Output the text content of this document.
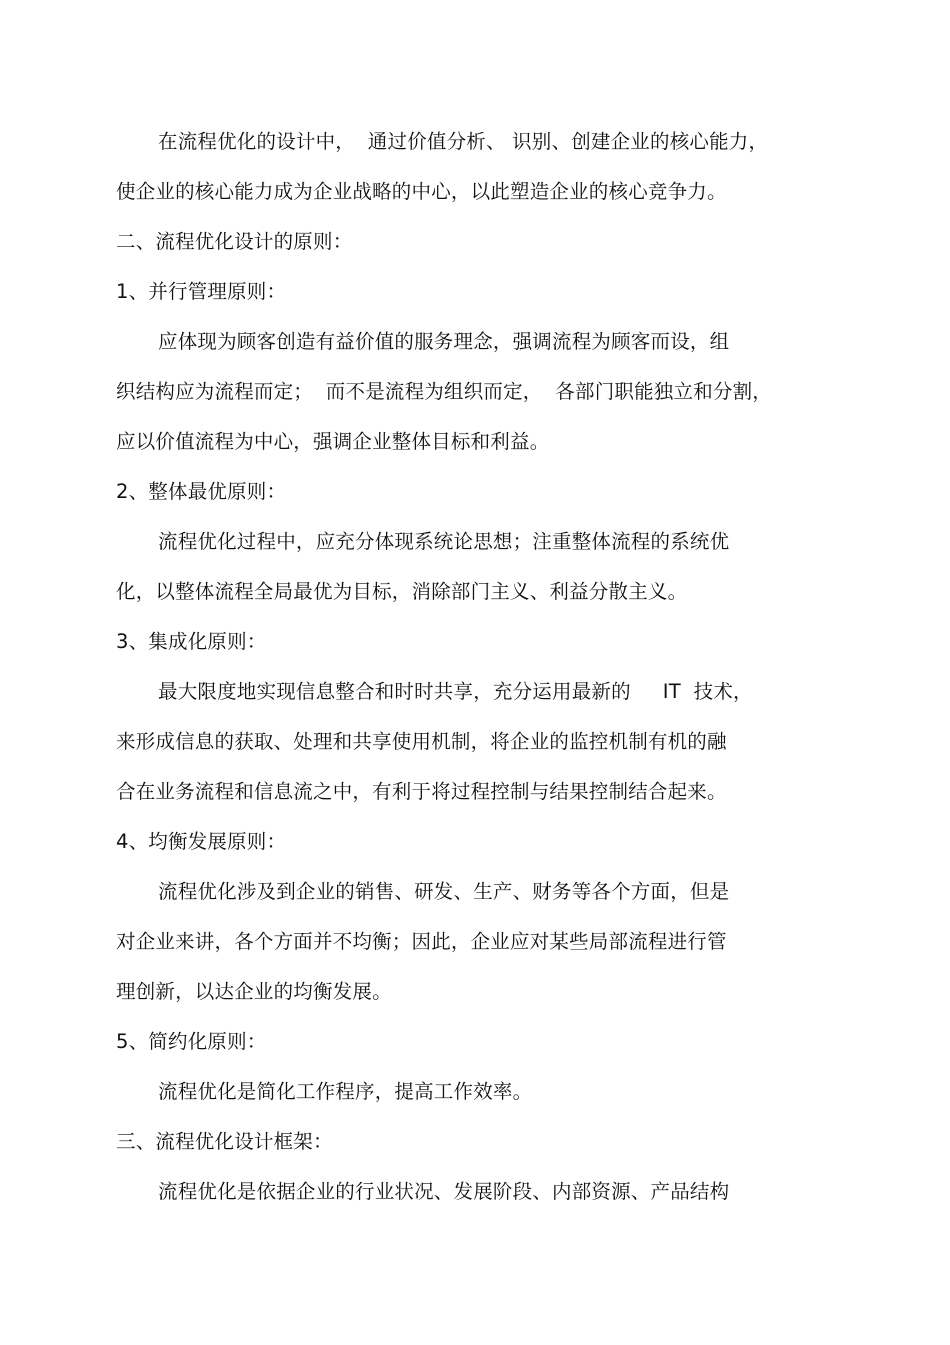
在流程优化的设计中，  通过价值分析、 识别、创建企业的核心能力，
使企业的核心能力成为企业战略的中心，以此塑造企业的核心竞争力。
二、流程优化设计的原则：
1、并行管理原则：
应体现为顾客创造有益价值的服务理念，强调流程为顾客而设，组
织结构应为流程而定；  而不是流程为组织而定，  各部门职能独立和分割，
应以价值流程为中心，强调企业整体目标和利益。
2、整体最优原则：
流程优化过程中，应充分体现系统论思想；注重整体流程的系统优
化，以整体流程全局最优为目标，消除部门主义、利益分散主义。
3、集成化原则：
最大限度地实现信息整合和时时共享，充分运用最新的     IT  技术，
来形成信息的获取、处理和共享使用机制，将企业的监控机制有机的融
合在业务流程和信息流之中，有利于将过程控制与结果控制结合起来。
4、均衡发展原则：
流程优化涉及到企业的销售、研发、生产、财务等各个方面，但是
对企业来讲，各个方面并不均衡；因此，企业应对某些局部流程进行管
理创新，以达企业的均衡发展。
5、简约化原则：
流程优化是简化工作程序，提高工作效率。
三、流程优化设计框架：
流程优化是依据企业的行业状况、发展阶段、内部资源、产品结构
